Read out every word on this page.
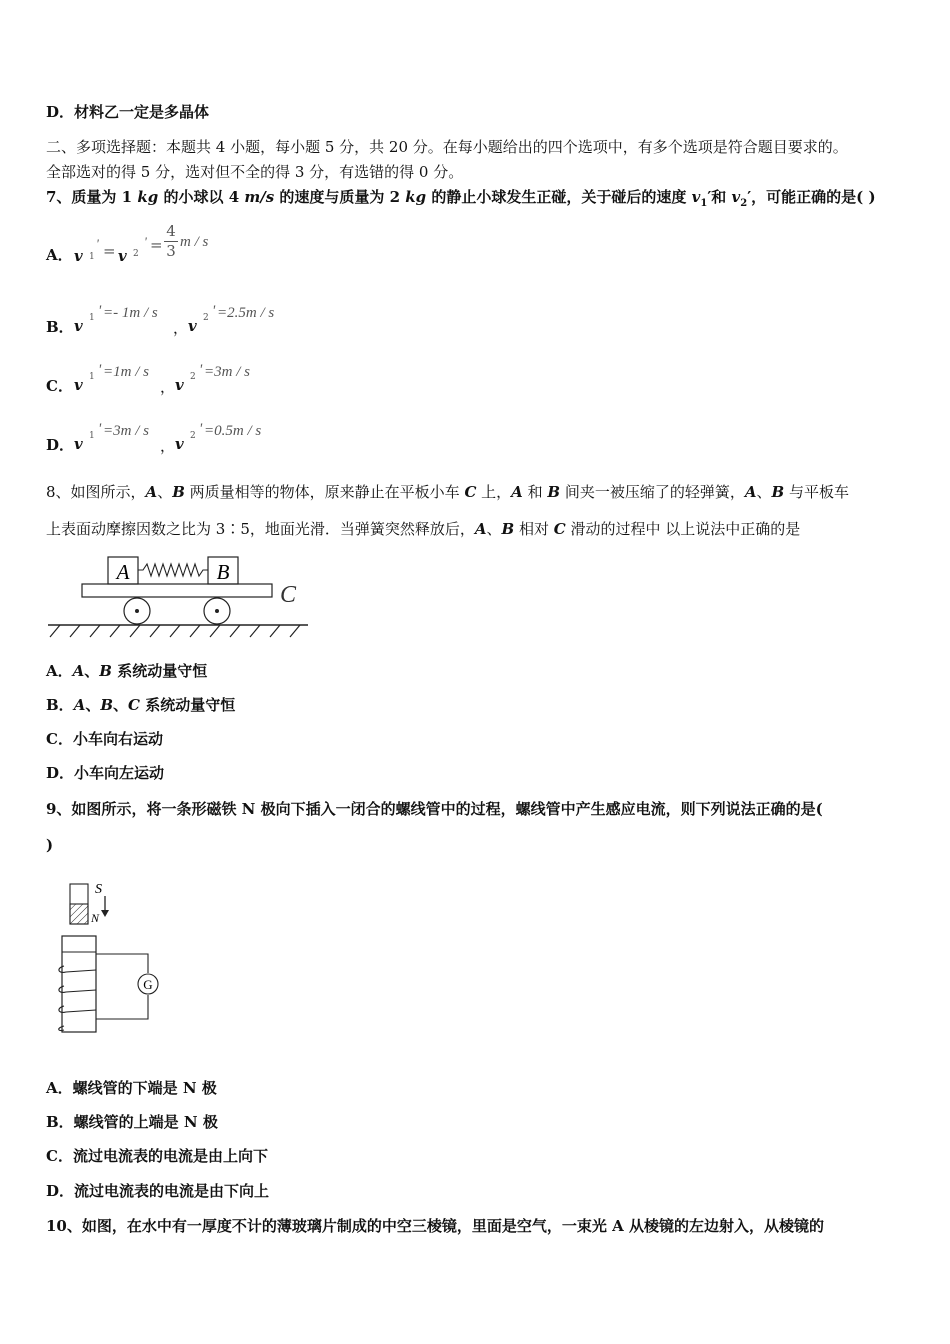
D．材料乙一定是多晶体
二、多项选择题：本题共 4 小题，每小题 5 分，共 20 分。在每小题给出的四个选项中，有多个选项是符合题目要求的。
全部选对的得 5 分，选对但不全的得 3 分，有选错的得 0 分。
7、质量为 1 kg 的小球以 4 m/s 的速度与质量为 2 kg 的静止小球发生正碰，关于碰后的速度 $v_1'$和 $v_2'$，可能正确的是( )
A． v 1
' = v 2
' =
4
3 m / s
B． v 1 ' =- 1m / s
， v 2 ' =2.5m / s
C． v 1 ' =1m / s
， v 2 ' =3m / s
D． v 1 ' =3m / s
， v 2 ' =0.5m / s
8、如图所示，A、B 两质量相等的物体，原来静止在平板小车 C 上，A 和 B 间夹一被压缩了的轻弹簧，A、B 与平板车
上表面动摩擦因数之比为 3∶5，地面光滑．当弹簧突然释放后，A、B 相对 C 滑动的过程中 以上说法中正确的是
A	B
C
A．A、B 系统动量守恒
B．A、B、C 系统动量守恒
C．小车向右运动
D．小车向左运动
9、如图所示，将一条形磁铁 N 极向下插入一闭合的螺线管中的过程，螺线管中产生感应电流，则下列说法正确的是(
)
S
N
G
A．螺线管的下端是 N 极
B．螺线管的上端是 N 极
C．流过电流表的电流是由上向下
D．流过电流表的电流是由下向上
10、如图，在水中有一厚度不计的薄玻璃片制成的中空三棱镜，里面是空气，一束光 A 从棱镜的左边射入，从棱镜的
